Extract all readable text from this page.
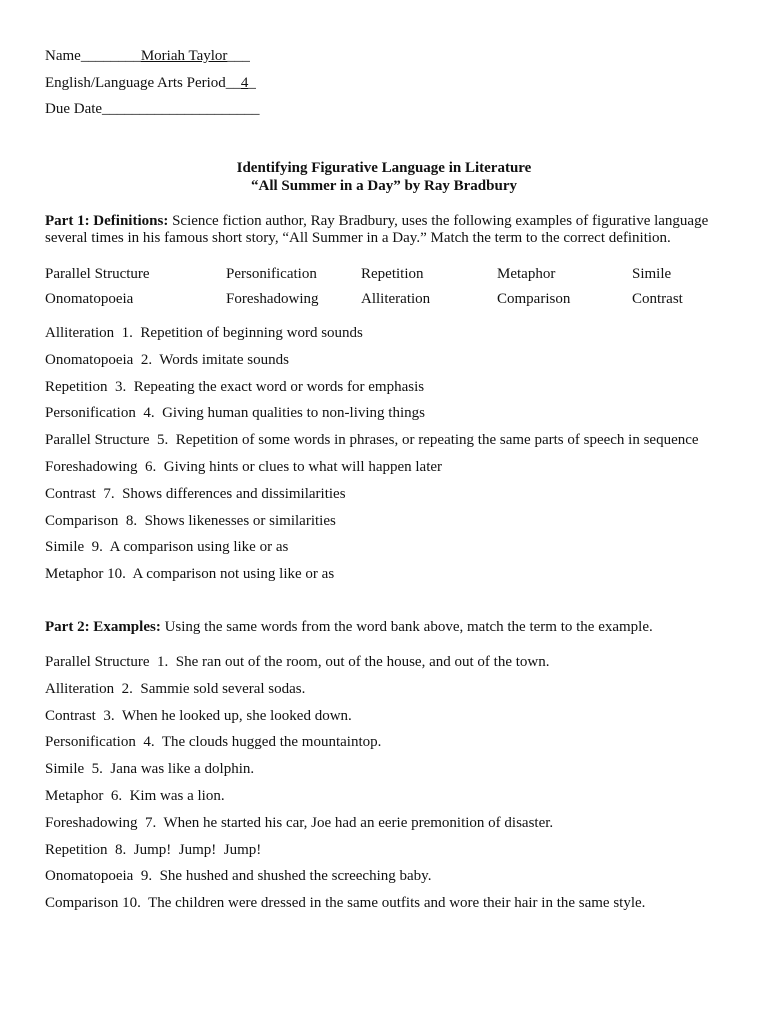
Name________Moriah Taylor___
English/Language Arts Period__4_
Due Date_____________________
Identifying Figurative Language in Literature
“All Summer in a Day” by Ray Bradbury
Part 1: Definitions: Science fiction author, Ray Bradbury, uses the following examples of figurative language several times in his famous short story, “All Summer in a Day.” Match the term to the correct definition.
Parallel Structure	Personification	Repetition	Metaphor	Simile
Onomatopoeia	Foreshadowing	Alliteration	Comparison	Contrast
Alliteration 1. Repetition of beginning word sounds
Onomatopoeia 2. Words imitate sounds
Repetition 3. Repeating the exact word or words for emphasis
Personification 4. Giving human qualities to non-living things
Parallel Structure 5. Repetition of some words in phrases, or repeating the same parts of speech in sequence
Foreshadowing 6. Giving hints or clues to what will happen later
Contrast 7. Shows differences and dissimilarities
Comparison 8. Shows likenesses or similarities
Simile 9. A comparison using like or as
Metaphor 10. A comparison not using like or as
Part 2: Examples: Using the same words from the word bank above, match the term to the example.
Parallel Structure 1. She ran out of the room, out of the house, and out of the town.
Alliteration 2. Sammie sold several sodas.
Contrast 3. When he looked up, she looked down.
Personification 4. The clouds hugged the mountaintop.
Simile 5. Jana was like a dolphin.
Metaphor 6. Kim was a lion.
Foreshadowing 7. When he started his car, Joe had an eerie premonition of disaster.
Repetition 8. Jump!  Jump!  Jump!
Onomatopoeia 9. She hushed and shushed the screeching baby.
Comparison 10. The children were dressed in the same outfits and wore their hair in the same style.
